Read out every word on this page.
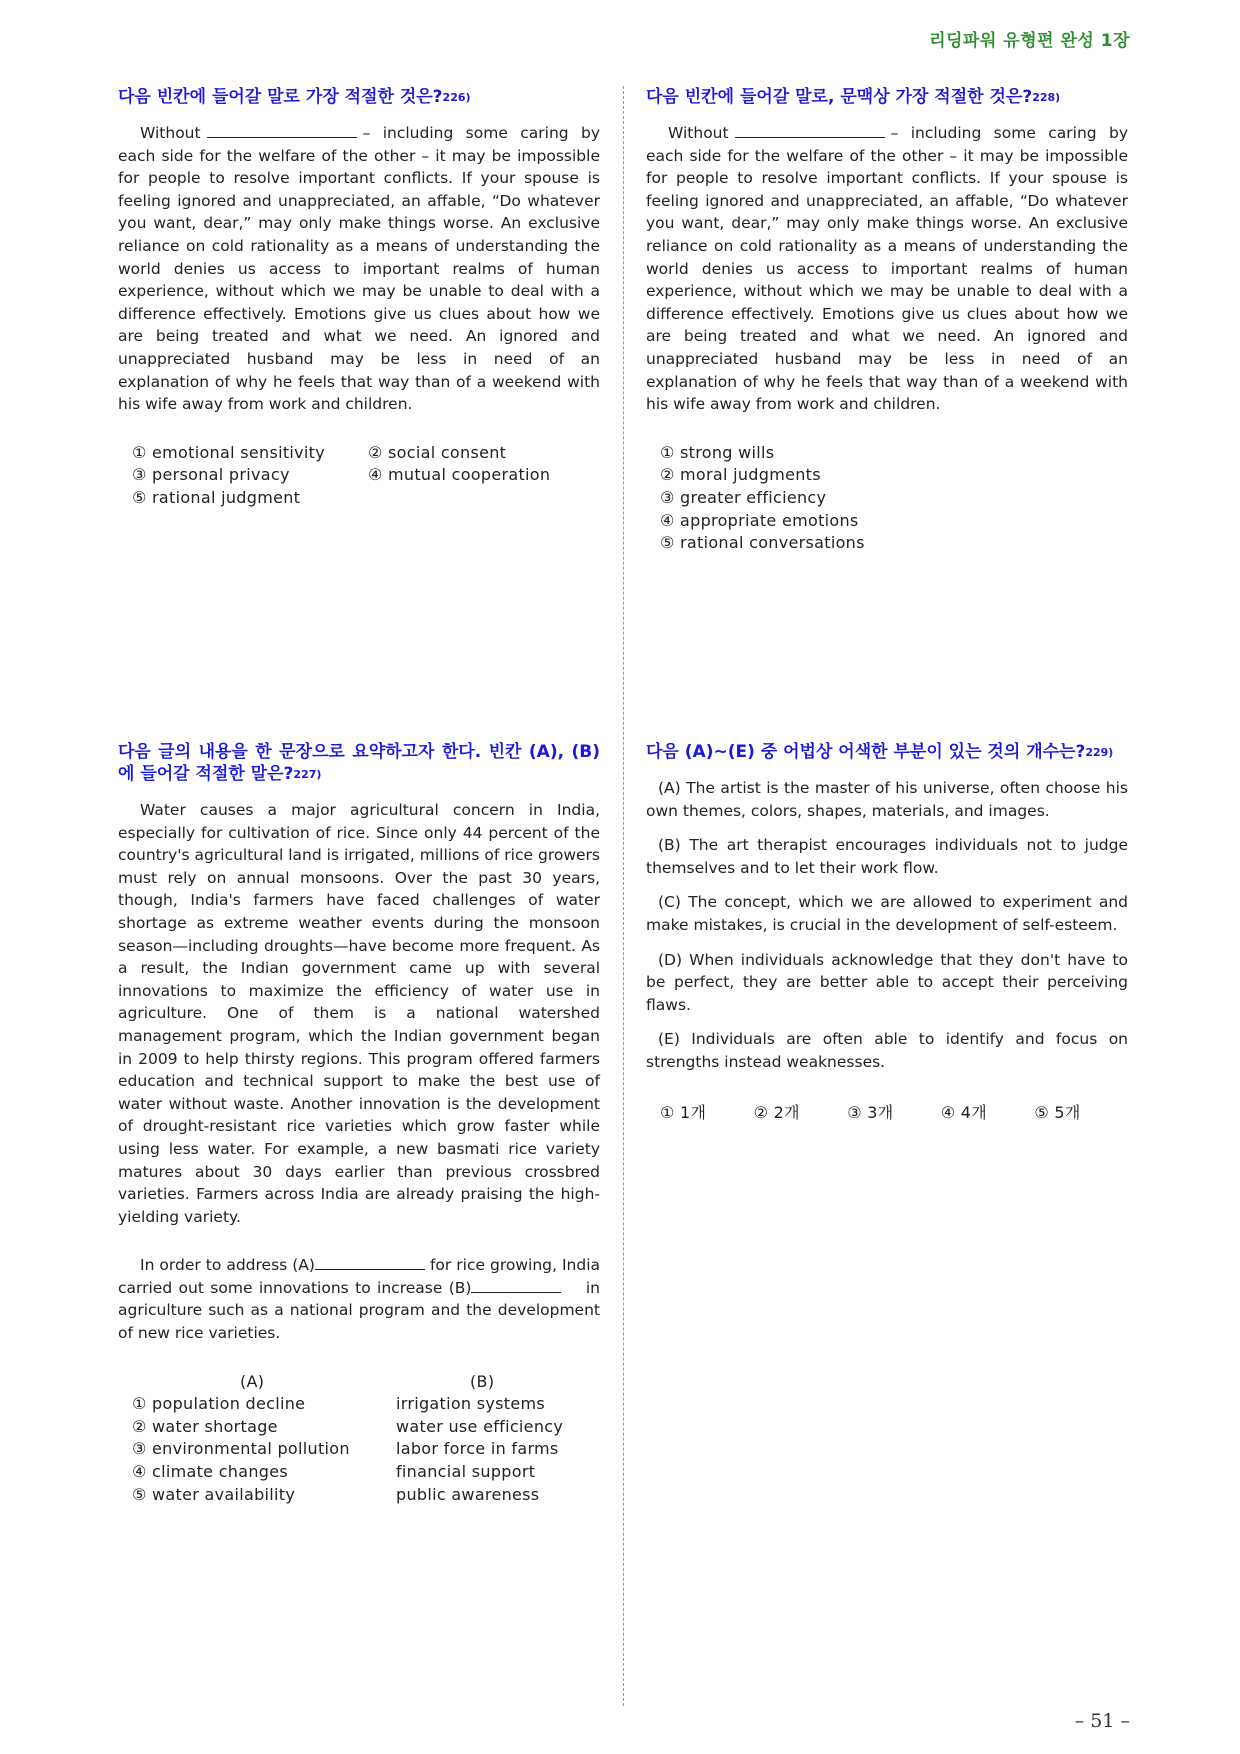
리딩파워 유형편 완성 1장
다음 빈칸에 들어갈 말로 가장 적절한 것은?$^{226)}$

Without	– including some caring by each side for the welfare of the other – it may be impossible for people to resolve important conflicts. If your spouse is feeling ignored and unappreciated, an affable, “Do whatever you want, dear,” may only make things worse. An exclusive reliance on cold rationality as a means of understanding the world denies us access to important realms of human experience, without which we may be unable to deal with a difference effectively. Emotions give us clues about how we are being treated and what we need. An ignored and unappreciated husband may be less in need of an explanation of why he feels that way than of a weekend with his wife away from work and children.

① emotional sensitivity	② social consent
③ personal privacy	④ mutual cooperation
⑤ rational judgment
다음 빈칸에 들어갈 말로, 문맥상 가장 적절한 것은?$^{228)}$

Without	– including some caring by each side for the welfare of the other – it may be impossible for people to resolve important conflicts. If your spouse is feeling ignored and unappreciated, an affable, “Do whatever you want, dear,” may only make things worse. An exclusive reliance on cold rationality as a means of understanding the world denies us access to important realms of human experience, without which we may be unable to deal with a difference effectively. Emotions give us clues about how we are being treated and what we need. An ignored and unappreciated husband may be less in need of an explanation of why he feels that way than of a weekend with his wife away from work and children.

① strong wills
② moral judgments
③ greater efficiency
④ appropriate emotions
⑤ rational conversations
다음 글의 내용을 한 문장으로 요약하고자 한다. 빈칸 (A), (B)에 들어갈 적절한 말은?$^{227)}$

Water causes a major agricultural concern in India, especially for cultivation of rice. Since only 44 percent of the country's agricultural land is irrigated, millions of rice growers must rely on annual monsoons. Over the past 30 years, though, India's farmers have faced challenges of water shortage as extreme weather events during the monsoon season—including droughts—have become more frequent. As a result, the Indian government came up with several innovations to maximize the efficiency of water use in agriculture. One of them is a national watershed management program, which the Indian government began in 2009 to help thirsty regions. This program offered farmers education and technical support to make the best use of water without waste. Another innovation is the development of drought-resistant rice varieties which grow faster while using less water. For example, a new basmati rice variety matures about 30 days earlier than previous crossbred varieties. Farmers across India are already praising the high-yielding variety.

In order to address (A)	for rice growing, India carried out some innovations to increase (B)	in agriculture such as a national program and the development of new rice varieties.

(A)	(B)
① population decline	irrigation systems
② water shortage	water use efficiency
③ environmental pollution	labor force in farms
④ climate changes	financial support
⑤ water availability	public awareness
다음 (A)~(E) 중 어법상 어색한 부분이 있는 것의 개수는?$^{229)}$

(A) The artist is the master of his universe, often choose his own themes, colors, shapes, materials, and images.

(B) The art therapist encourages individuals not to judge themselves and to let their work flow.

(C) The concept, which we are allowed to experiment and make mistakes, is crucial in the development of self-esteem.

(D) When individuals acknowledge that they don't have to be perfect, they are better able to accept their perceiving flaws.

(E) Individuals are often able to identify and focus on strengths instead weaknesses.

① 1개	② 2개	③ 3개	④ 4개	⑤ 5개
– 51 –
